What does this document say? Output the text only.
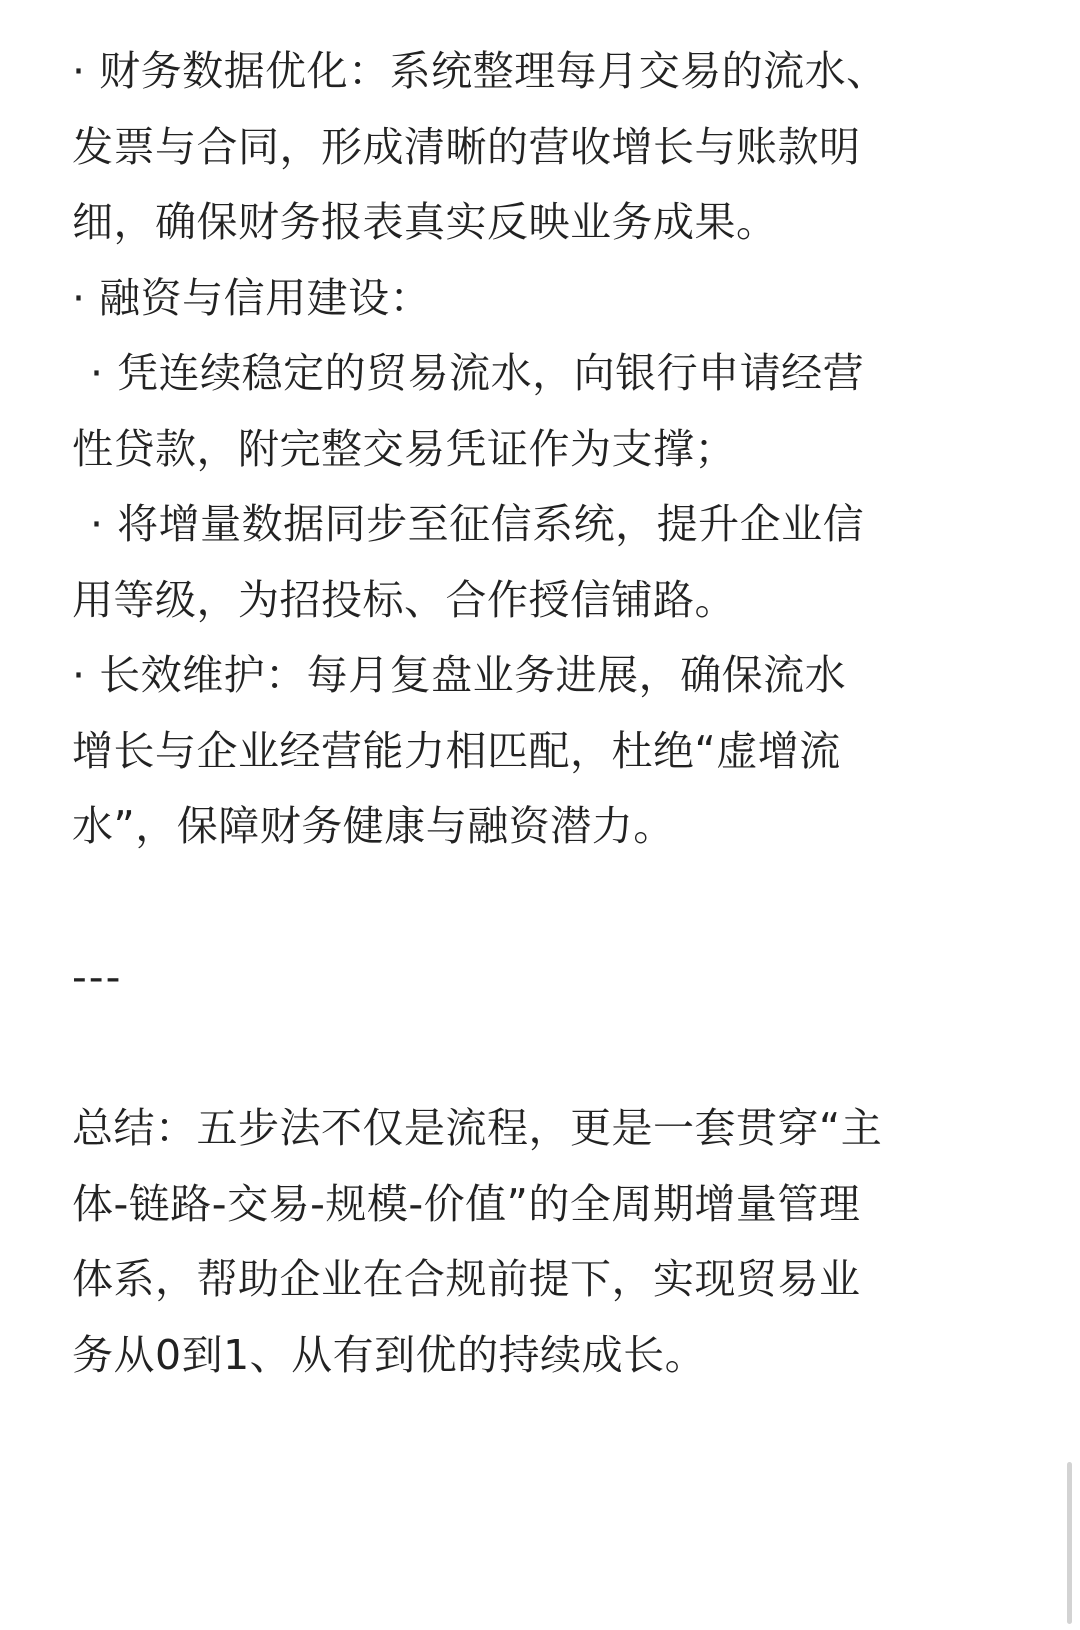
· 财务数据优化：系统整理每月交易的流水、
发票与合同，形成清晰的营收增长与账款明
细，确保财务报表真实反映业务成果。
· 融资与信用建设：
· 凭连续稳定的贸易流水，向银行申请经营
性贷款，附完整交易凭证作为支撑；
· 将增量数据同步至征信系统，提升企业信
用等级，为招投标、合作授信铺路。
· 长效维护：每月复盘业务进展，确保流水
增长与企业经营能力相匹配，杜绝“虚增流
水”，保障财务健康与融资潜力。
---
总结：五步法不仅是流程，更是一套贯穿“主
体-链路-交易-规模-价值”的全周期增量管理
体系，帮助企业在合规前提下，实现贸易业
务从0到1、从有到优的持续成长。
